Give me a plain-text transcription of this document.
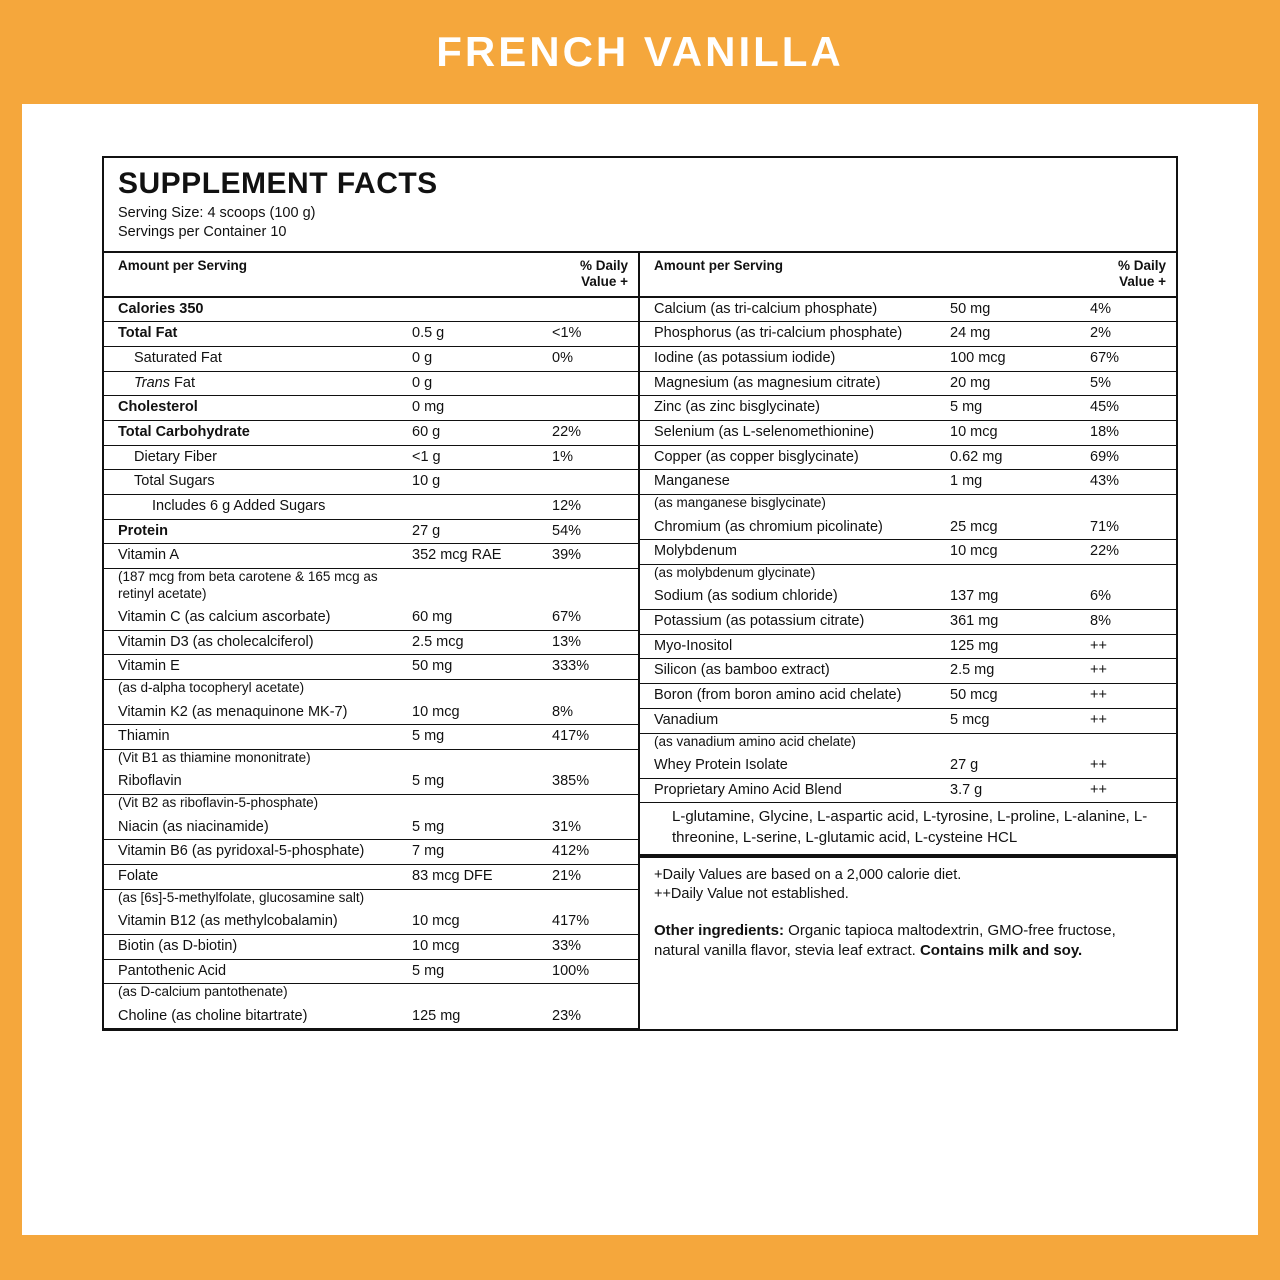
FRENCH VANILLA
SUPPLEMENT FACTS
Serving Size: 4 scoops (100 g)
Servings per Container 10
Amount per Serving		% Daily Value +
Calories 350		
Total Fat	0.5 g	<1%
Saturated Fat	0 g	0%
Trans Fat	0 g	
Cholesterol	0 mg	
Total Carbohydrate	60 g	22%
Dietary Fiber	<1 g	1%
Total Sugars	10 g	
Includes 6 g Added Sugars		12%
Protein	27 g	54%
Vitamin A	352 mcg RAE	39%
(187 mcg from beta carotene & 165 mcg as retinyl acetate)		
Vitamin C (as calcium ascorbate)	60 mg	67%
Vitamin D3 (as cholecalciferol)	2.5 mcg	13%
Vitamin E	50 mg	333%
(as d-alpha tocopheryl acetate)		
Vitamin K2 (as menaquinone MK-7)	10 mcg	8%
Thiamin	5 mg	417%
(Vit B1 as thiamine mononitrate)		
Riboflavin	5 mg	385%
(Vit B2 as riboflavin-5-phosphate)		
Niacin (as niacinamide)	5 mg	31%
Vitamin B6 (as pyridoxal-5-phosphate)	7 mg	412%
Folate	83 mcg DFE	21%
(as [6s]-5-methylfolate, glucosamine salt)		
Vitamin B12 (as methylcobalamin)	10 mcg	417%
Biotin (as D-biotin)	10 mcg	33%
Pantothenic Acid	5 mg	100%
(as D-calcium pantothenate)		
Choline (as choline bitartrate)	125 mg	23%
Amount per Serving		% Daily Value +
Calcium (as tri-calcium phosphate)	50 mg	4%
Phosphorus (as tri-calcium phosphate)	24 mg	2%
Iodine (as potassium iodide)	100 mcg	67%
Magnesium (as magnesium citrate)	20 mg	5%
Zinc (as zinc bisglycinate)	5 mg	45%
Selenium (as L-selenomethionine)	10 mcg	18%
Copper (as copper bisglycinate)	0.62 mg	69%
Manganese	1 mg	43%
(as manganese bisglycinate)		
Chromium (as chromium picolinate)	25 mcg	71%
Molybdenum	10 mcg	22%
(as molybdenum glycinate)		
Sodium (as sodium chloride)	137 mg	6%
Potassium (as potassium citrate)	361 mg	8%
Myo-Inositol	125 mg	++
Silicon (as bamboo extract)	2.5 mg	++
Boron (from boron amino acid chelate)	50 mcg	++
Vanadium	5 mcg	++
(as vanadium amino acid chelate)		
Whey Protein Isolate	27 g	++
Proprietary Amino Acid Blend	3.7 g	++
L-glutamine, Glycine, L-aspartic acid, L-tyrosine, L-proline, L-alanine, L-threonine, L-serine, L-glutamic acid, L-cysteine HCL
+Daily Values are based on a 2,000 calorie diet.
++Daily Value not established.
Other ingredients: Organic tapioca maltodextrin, GMO-free fructose, natural vanilla flavor, stevia leaf extract. Contains milk and soy.
